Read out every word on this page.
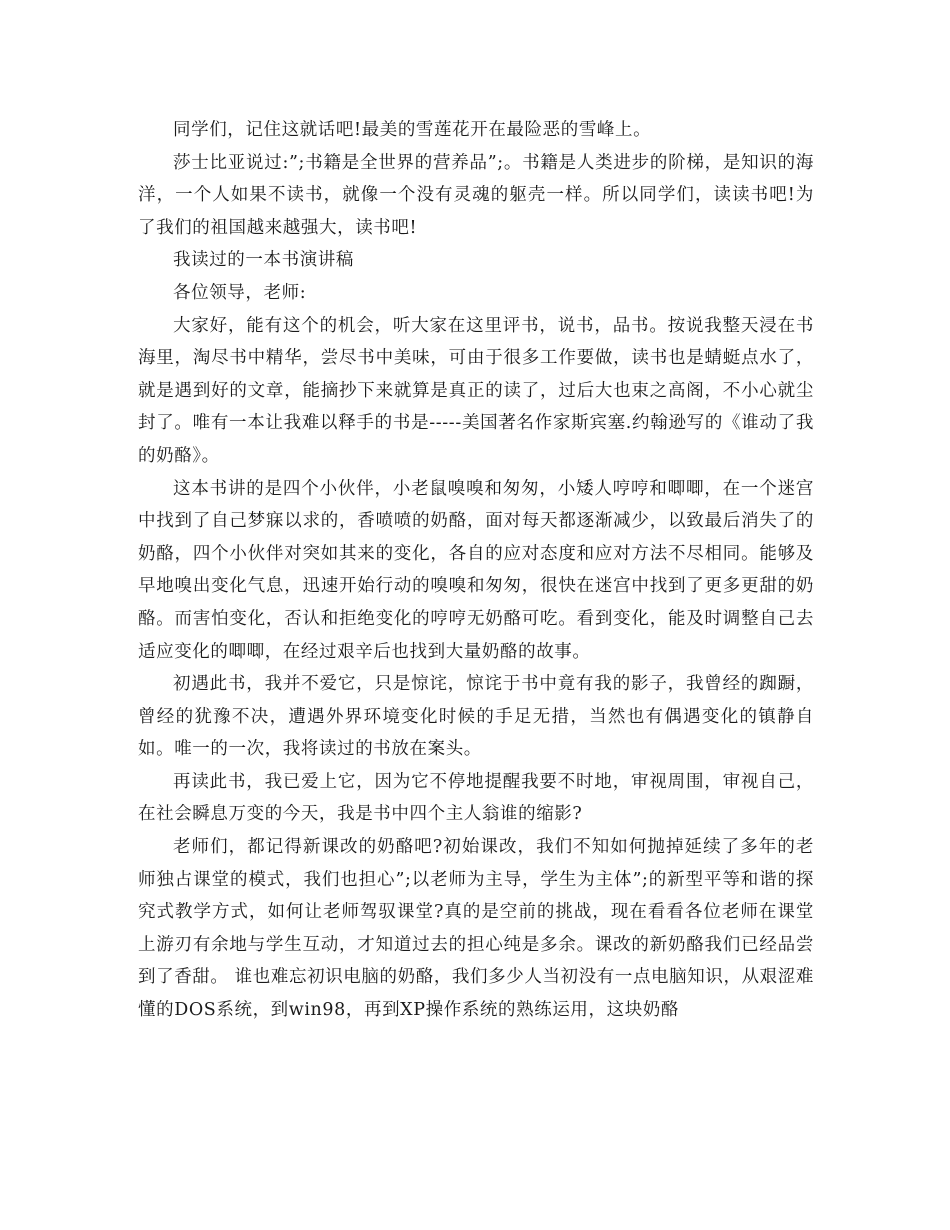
同学们，记住这就话吧!最美的雪莲花开在最险恶的雪峰上。

莎士比亚说过:”;书籍是全世界的营养品”;。书籍是人类进步的阶梯，是知识的海洋，一个人如果不读书，就像一个没有灵魂的躯壳一样。所以同学们，读读书吧!为了我们的祖国越来越强大，读书吧!

我读过的一本书演讲稿

各位领导，老师:

大家好，能有这个的机会，听大家在这里评书，说书，品书。按说我整天浸在书海里，淘尽书中精华，尝尽书中美味，可由于很多工作要做，读书也是蜻蜓点水了，就是遇到好的文章，能摘抄下来就算是真正的读了，过后大也束之高阁，不小心就尘封了。唯有一本让我难以释手的书是-----美国著名作家斯宾塞.约翰逊写的《谁动了我的奶酪》。

这本书讲的是四个小伙伴，小老鼠嗅嗅和匆匆，小矮人哼哼和唧唧，在一个迷宫中找到了自己梦寐以求的，香喷喷的奶酪，面对每天都逐渐减少，以致最后消失了的奶酪，四个小伙伴对突如其来的变化，各自的应对态度和应对方法不尽相同。能够及早地嗅出变化气息，迅速开始行动的嗅嗅和匆匆，很快在迷宫中找到了更多更甜的奶酪。而害怕变化，否认和拒绝变化的哼哼无奶酪可吃。看到变化，能及时调整自己去适应变化的唧唧，在经过艰辛后也找到大量奶酪的故事。

初遇此书，我并不爱它，只是惊诧，惊诧于书中竟有我的影子，我曾经的踟蹰，曾经的犹豫不决，遭遇外界环境变化时候的手足无措，当然也有偶遇变化的镇静自如。唯一的一次，我将读过的书放在案头。

再读此书，我已爱上它，因为它不停地提醒我要不时地，审视周围，审视自己，在社会瞬息万变的今天，我是书中四个主人翁谁的缩影?

老师们，都记得新课改的奶酪吧?初始课改，我们不知如何抛掉延续了多年的老师独占课堂的模式，我们也担心”;以老师为主导，学生为主体”;的新型平等和谐的探究式教学方式，如何让老师驾驭课堂?真的是空前的挑战，现在看看各位老师在课堂上游刃有余地与学生互动，才知道过去的担心纯是多余。课改的新奶酪我们已经品尝到了香甜。 谁也难忘初识电脑的奶酪，我们多少人当初没有一点电脑知识，从艰涩难懂的DOS系统，到win98，再到XP操作系统的熟练运用，这块奶酪
